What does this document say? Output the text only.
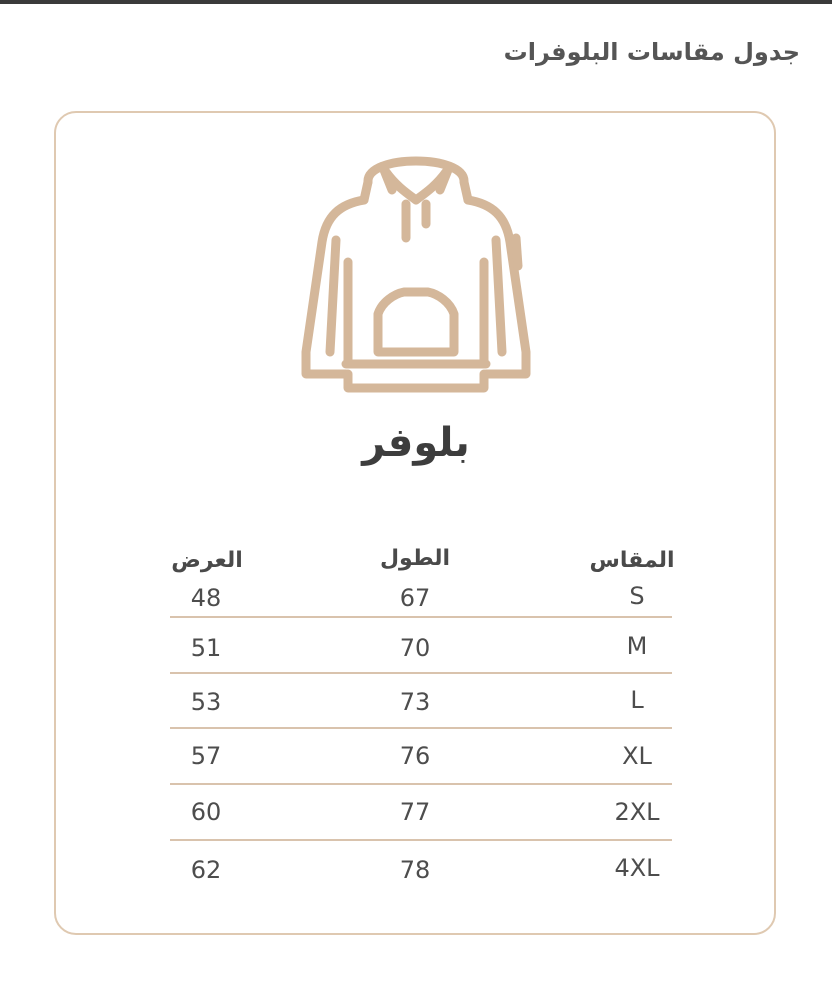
جدول مقاسات البلوفرات
بلوفر
المقاس
الطول
العرض
S
67
48
M
70
51
L
73
53
XL
76
57
2XL
77
60
4XL
78
62
